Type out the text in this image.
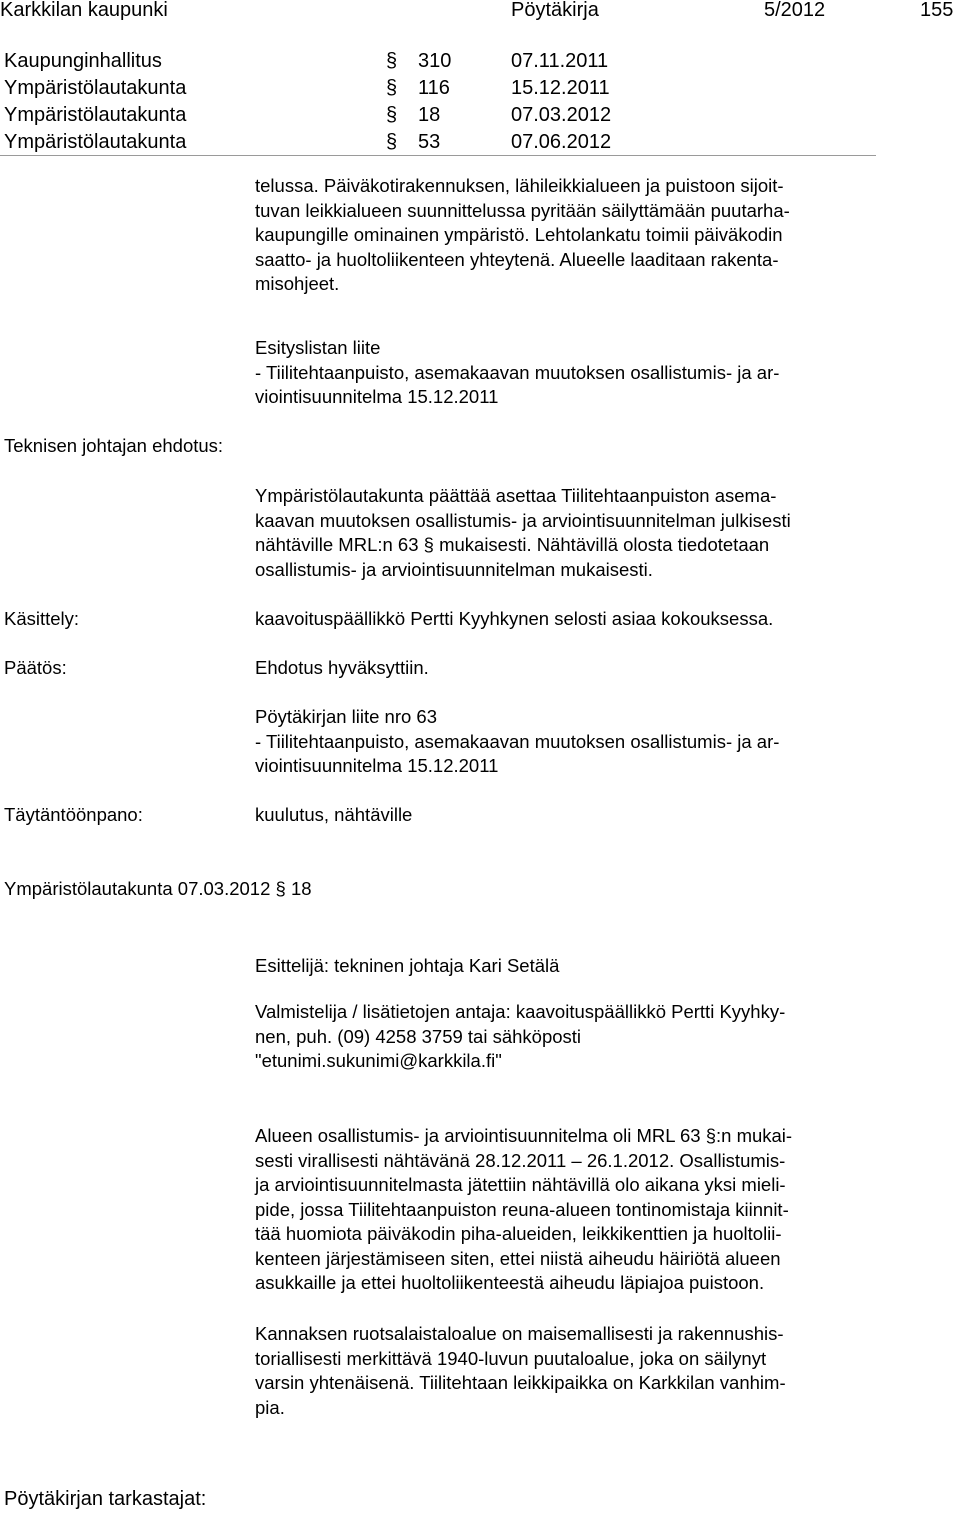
Karkkilan kaupunki	Pöytäkirja	5/2012	155
Kaupunginhallitus	§ 310	07.11.2011
Ympäristölautakunta	§ 116	15.12.2011
Ympäristölautakunta	§ 18	07.03.2012
Ympäristölautakunta	§ 53	07.06.2012
telussa. Päiväkotirakennuksen, lähileikkialueen ja puistoon sijoit-
tuvan leikkialueen suunnittelussa pyritään säilyttämään puutarha-
kaupungille ominainen ympäristö. Lehtolankatu toimii päiväkodin
saatto- ja huoltoliikenteen yhteytenä. Alueelle laaditaan rakenta-
misohjeet.
Esityslistan liite
- Tiilitehtaanpuisto, asemakaavan muutoksen osallistumis- ja ar-
viointisuunnitelma 15.12.2011
Teknisen johtajan ehdotus:
Ympäristölautakunta päättää asettaa Tiilitehtaanpuiston asema-
kaavan muutoksen osallistumis- ja arviointisuunnitelman julkisesti
nähtäville MRL:n 63 § mukaisesti. Nähtävillä olosta tiedotetaan
osallistumis- ja arviointisuunnitelman mukaisesti.
Käsittely:	kaavoituspäällikkö Pertti Kyyhkynen selosti asiaa kokouksessa.
Päätös:	Ehdotus hyväksyttiin.
Pöytäkirjan liite nro 63
- Tiilitehtaanpuisto, asemakaavan muutoksen osallistumis- ja ar-
viointisuunnitelma 15.12.2011
Täytäntöönpano:	kuulutus, nähtäville
Ympäristölautakunta 07.03.2012 § 18
Esittelijä: tekninen johtaja Kari Setälä
Valmistelija / lisätietojen antaja: kaavoituspäällikkö Pertti Kyyhky-
nen, puh. (09) 4258 3759 tai sähköposti
"etunimi.sukunimi@karkkila.fi"
Alueen osallistumis- ja arviointisuunnitelma oli MRL 63 §:n mukai-
sesti virallisesti nähtävänä 28.12.2011 – 26.1.2012. Osallistumis-
ja arviointisuunnitelmasta jätettiin nähtävillä olo aikana yksi mieli-
pide, jossa Tiilitehtaanpuiston reuna-alueen tontinomistaja kiinnit-
tää huomiota päiväkodin piha-alueiden, leikkikenttien ja huoltolii-
kenteen järjestämiseen siten, ettei niistä aiheudu häiriötä alueen
asukkaille ja ettei huoltoliikenteestä aiheudu läpiajoa puistoon.
Kannaksen ruotsalaistaloalue on maisemallisesti ja rakennushis-
toriallisesti merkittävä 1940-luvun puutaloalue, joka on säilynyt
varsin yhtenäisenä. Tiilitehtaan leikkipaikka on Karkkilan vanhim-
pia.
Pöytäkirjan tarkastajat:
